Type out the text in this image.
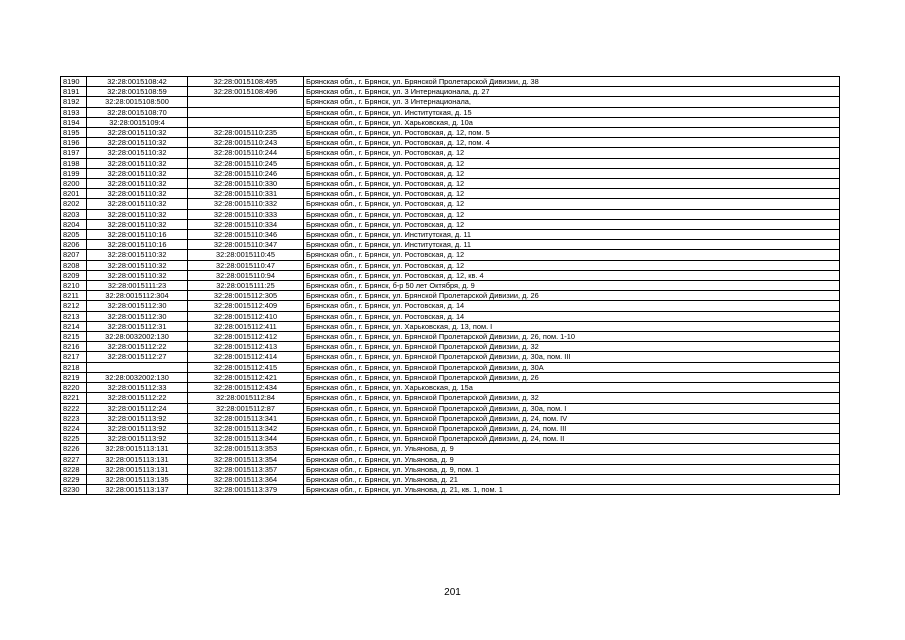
8190	32:28:0015108:42	32:28:0015108:495	Брянская обл., г. Брянск, ул. Брянской Пролетарской Дивизии, д. 38
8191	32:28:0015108:59	32:28:0015108:496	Брянская обл., г. Брянск, ул. 3 Интернационала, д. 27
8192	32:28:0015108:500		Брянская обл., г. Брянск, ул. 3 Интернационала,
8193	32:28:0015108:70		Брянская обл., г. Брянск, ул. Институтская, д. 15
8194	32:28:0015109:4		Брянская обл., г. Брянск, ул. Харьковская, д. 10а
8195	32:28:0015110:32	32:28:0015110:235	Брянская обл., г. Брянск, ул. Ростовская, д. 12, пом. 5
8196	32:28:0015110:32	32:28:0015110:243	Брянская обл., г. Брянск, ул. Ростовская, д. 12, пом. 4
8197	32:28:0015110:32	32:28:0015110:244	Брянская обл., г. Брянск, ул. Ростовская, д. 12
8198	32:28:0015110:32	32:28:0015110:245	Брянская обл., г. Брянск, ул. Ростовская, д. 12
8199	32:28:0015110:32	32:28:0015110:246	Брянская обл., г. Брянск, ул. Ростовская, д. 12
8200	32:28:0015110:32	32:28:0015110:330	Брянская обл., г. Брянск, ул. Ростовская, д. 12
8201	32:28:0015110:32	32:28:0015110:331	Брянская обл., г. Брянск, ул. Ростовская, д. 12
8202	32:28:0015110:32	32:28:0015110:332	Брянская обл., г. Брянск, ул. Ростовская, д. 12
8203	32:28:0015110:32	32:28:0015110:333	Брянская обл., г. Брянск, ул. Ростовская, д. 12
8204	32:28:0015110:32	32:28:0015110:334	Брянская обл., г. Брянск, ул. Ростовская, д. 12
8205	32:28:0015110:16	32:28:0015110:346	Брянская обл., г. Брянск, ул. Институтская, д. 11
8206	32:28:0015110:16	32:28:0015110:347	Брянская обл., г. Брянск, ул. Институтская, д. 11
8207	32:28:0015110:32	32:28:0015110:45	Брянская обл., г. Брянск, ул. Ростовская, д. 12
8208	32:28:0015110:32	32:28:0015110:47	Брянская обл., г. Брянск, ул. Ростовская, д. 12
8209	32:28:0015110:32	32:28:0015110:94	Брянская обл., г. Брянск, ул. Ростовская, д. 12, кв. 4
8210	32:28:0015111:23	32:28:0015111:25	Брянская обл., г. Брянск, б-р 50 лет Октября, д. 9
8211	32:28:0015112:304	32:28:0015112:305	Брянская обл., г. Брянск, ул. Брянской Пролетарской Дивизии, д. 26
8212	32:28:0015112:30	32:28:0015112:409	Брянская обл., г. Брянск, ул. Ростовская, д. 14
8213	32:28:0015112:30	32:28:0015112:410	Брянская обл., г. Брянск, ул. Ростовская, д. 14
8214	32:28:0015112:31	32:28:0015112:411	Брянская обл., г. Брянск, ул. Харьковская, д. 13, пом. I
8215	32:28:0032002:130	32:28:0015112:412	Брянская обл., г. Брянск, ул. Брянской Пролетарской Дивизии, д. 26, пом. 1-10
8216	32:28:0015112:22	32:28:0015112:413	Брянская обл., г. Брянск, ул. Брянской Пролетарской Дивизии, д. 32
8217	32:28:0015112:27	32:28:0015112:414	Брянская обл., г. Брянск, ул. Брянской Пролетарской Дивизии, д. 30а, пом. III
8218		32:28:0015112:415	Брянская обл., г. Брянск, ул. Брянской Пролетарской Дивизии, д. 30А
8219	32:28:0032002:130	32:28:0015112:421	Брянская обл., г. Брянск, ул. Брянской Пролетарской Дивизии, д. 26
8220	32:28:0015112:33	32:28:0015112:434	Брянская обл., г. Брянск, ул. Харьковская, д. 15а
8221	32:28:0015112:22	32:28:0015112:84	Брянская обл., г. Брянск, ул. Брянской Пролетарской Дивизии, д. 32
8222	32:28:0015112:24	32:28:0015112:87	Брянская обл., г. Брянск, ул. Брянской Пролетарской Дивизии, д. 30а, пом. I
8223	32:28:0015113:92	32:28:0015113:341	Брянская обл., г. Брянск, ул. Брянской Пролетарской Дивизии, д. 24, пом. IV
8224	32:28:0015113:92	32:28:0015113:342	Брянская обл., г. Брянск, ул. Брянской Пролетарской Дивизии, д. 24, пом. III
8225	32:28:0015113:92	32:28:0015113:344	Брянская обл., г. Брянск, ул. Брянской Пролетарской Дивизии, д. 24, пом. II
8226	32:28:0015113:131	32:28:0015113:353	Брянская обл., г. Брянск, ул. Ульянова, д. 9
8227	32:28:0015113:131	32:28:0015113:354	Брянская обл., г. Брянск, ул. Ульянова, д. 9
8228	32:28:0015113:131	32:28:0015113:357	Брянская обл., г. Брянск, ул. Ульянова, д. 9, пом. 1
8229	32:28:0015113:135	32:28:0015113:364	Брянская обл., г. Брянск, ул. Ульянова, д. 21
8230	32:28:0015113:137	32:28:0015113:379	Брянская обл., г. Брянск, ул. Ульянова, д. 21, кв. 1, пом. 1
201
